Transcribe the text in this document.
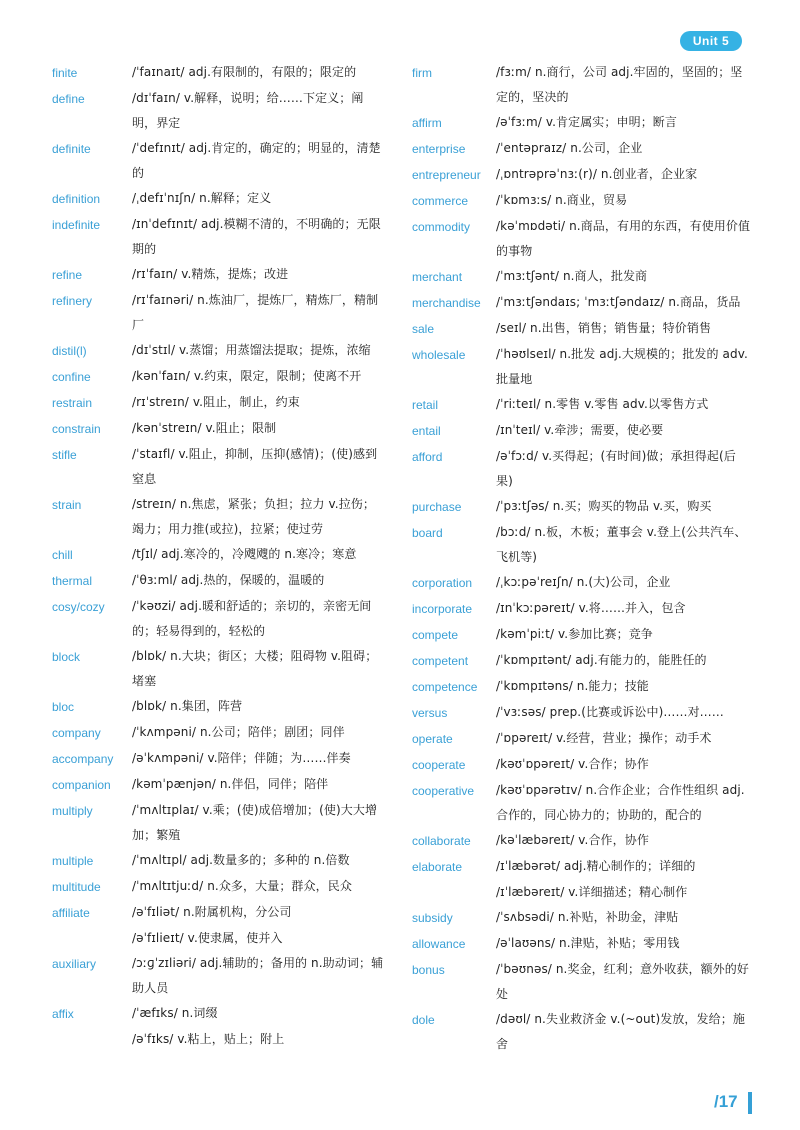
Unit 5
finite	/ˈfaɪnaɪt/ adj.有限制的，有限的；限定的
define	/dɪˈfaɪn/ v.解释，说明；给……下定义；阐明，界定
definite	/ˈdefɪnɪt/ adj.肯定的，确定的；明显的，清楚的
definition	/ˌdefɪˈnɪʃn/ n.解释；定义
indefinite	/ɪnˈdefɪnɪt/ adj.模糊不清的，不明确的；无限期的
refine	/rɪˈfaɪn/ v.精炼，提炼；改进
refinery	/rɪˈfaɪnəri/ n.炼油厂，提炼厂，精炼厂，精制厂
distil(l)	/dɪˈstɪl/ v.蒸馏；用蒸馏法提取；提炼，浓缩
confine	/kənˈfaɪn/ v.约束，限定，限制；使离不开
restrain	/rɪˈstreɪn/ v.阻止，制止，约束
constrain	/kənˈstreɪn/ v.阻止；限制
stifle	/ˈstaɪfl/ v.阻止，抑制，压抑(感情)；(使)感到窒息
strain	/streɪn/ n.焦虑，紧张；负担；拉力 v.拉伤；竭力；用力推(或拉)，拉紧；使过劳
chill	/tʃɪl/ adj.寒冷的，冷飕飕的 n.寒冷；寒意
thermal	/ˈθɜːml/ adj.热的，保暖的，温暖的
cosy/cozy	/ˈkəʊzi/ adj.暖和舒适的；亲切的，亲密无间的；轻易得到的，轻松的
block	/blɒk/ n.大块；街区；大楼；阻碍物 v.阻碍；堵塞
bloc	/blɒk/ n.集团，阵营
company	/ˈkʌmpəni/ n.公司；陪伴；剧团；同伴
accompany	/əˈkʌmpəni/ v.陪伴；伴随；为……伴奏
companion	/kəmˈpænjən/ n.伴侣，同伴；陪伴
multiply	/ˈmʌltɪplaɪ/ v.乘；(使)成倍增加；(使)大大增加；繁殖
multiple	/ˈmʌltɪpl/ adj.数量多的；多种的 n.倍数
multitude	/ˈmʌltɪtjuːd/ n.众多，大量；群众，民众
affiliate	/əˈfɪliət/ n.附属机构，分公司
/əˈfɪlieɪt/ v.使隶属，使并入
auxiliary	/ɔːɡˈzɪliəri/ adj.辅助的；备用的 n.助动词；辅助人员
affix	/ˈæfɪks/ n.词缀
/əˈfɪks/ v.粘上，贴上；附上
firm	/fɜːm/ n.商行，公司 adj.牢固的，坚固的；坚定的，坚决的
affirm	/əˈfɜːm/ v.肯定属实；申明；断言
enterprise	/ˈentəpraɪz/ n.公司，企业
entrepreneur	/ˌɒntrəprəˈnɜː(r)/ n.创业者，企业家
commerce	/ˈkɒmɜːs/ n.商业，贸易
commodity	/kəˈmɒdəti/ n.商品，有用的东西，有使用价值的事物
merchant	/ˈmɜːtʃənt/ n.商人，批发商
merchandise	/ˈmɜːtʃəndaɪs; ˈmɜːtʃəndaɪz/ n.商品，货品
sale	/seɪl/ n.出售，销售；销售量；特价销售
wholesale	/ˈhəʊlseɪl/ n.批发 adj.大规模的；批发的 adv.批量地
retail	/ˈriːteɪl/ n.零售 v.零售 adv.以零售方式
entail	/ɪnˈteɪl/ v.牵涉；需要，使必要
afford	/əˈfɔːd/ v.买得起；(有时间)做；承担得起(后果)
purchase	/ˈpɜːtʃəs/ n.买；购买的物品 v.买，购买
board	/bɔːd/ n.板，木板；董事会 v.登上(公共汽车、飞机等)
corporation	/ˌkɔːpəˈreɪʃn/ n.(大)公司，企业
incorporate	/ɪnˈkɔːpəreɪt/ v.将……并入，包含
compete	/kəmˈpiːt/ v.参加比赛；竞争
competent	/ˈkɒmpɪtənt/ adj.有能力的，能胜任的
competence	/ˈkɒmpɪtəns/ n.能力；技能
versus	/ˈvɜːsəs/ prep.(比赛或诉讼中)……对……
operate	/ˈɒpəreɪt/ v.经营，营业；操作；动手术
cooperate	/kəʊˈɒpəreɪt/ v.合作；协作
cooperative	/kəʊˈɒpərətɪv/ n.合作企业；合作性组织 adj.合作的，同心协力的；协助的，配合的
collaborate	/kəˈlæbəreɪt/ v.合作，协作
elaborate	/ɪˈlæbərət/ adj.精心制作的；详细的
/ɪˈlæbəreɪt/ v.详细描述；精心制作
subsidy	/ˈsʌbsədi/ n.补贴，补助金，津贴
allowance	/əˈlaʊəns/ n.津贴，补贴；零用钱
bonus	/ˈbəʊnəs/ n.奖金，红利；意外收获，额外的好处
dole	/dəʊl/ n.失业救济金 v.(~out)发放，发给；施舍
/17
